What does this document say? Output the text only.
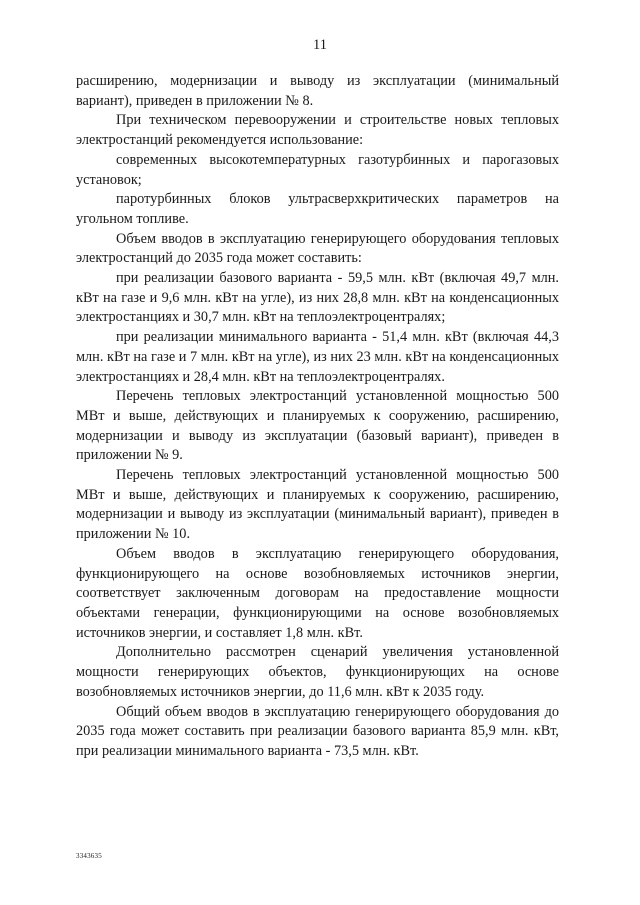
11

расширению, модернизации и выводу из эксплуатации (минимальный вариант), приведен в приложении № 8.

При техническом перевооружении и строительстве новых тепловых электростанций рекомендуется использование:

современных высокотемпературных газотурбинных и парогазовых установок;

паротурбинных блоков ультрасверхкритических параметров на угольном топливе.

Объем вводов в эксплуатацию генерирующего оборудования тепловых электростанций до 2035 года может составить:

при реализации базового варианта - 59,5 млн. кВт (включая 49,7 млн. кВт на газе и 9,6 млн. кВт на угле), из них 28,8 млн. кВт на конденсационных электростанциях и 30,7 млн. кВт на теплоэлектроцентралях;

при реализации минимального варианта - 51,4 млн. кВт (включая 44,3 млн. кВт на газе и 7 млн. кВт на угле), из них 23 млн. кВт на конденсационных электростанциях и 28,4 млн. кВт на теплоэлектроцентралях.

Перечень тепловых электростанций установленной мощностью 500 МВт и выше, действующих и планируемых к сооружению, расширению, модернизации и выводу из эксплуатации (базовый вариант), приведен в приложении № 9.

Перечень тепловых электростанций установленной мощностью 500 МВт и выше, действующих и планируемых к сооружению, расширению, модернизации и выводу из эксплуатации (минимальный вариант), приведен в приложении № 10.

Объем вводов в эксплуатацию генерирующего оборудования, функционирующего на основе возобновляемых источников энергии, соответствует заключенным договорам на предоставление мощности объектами генерации, функционирующими на основе возобновляемых источников энергии, и составляет 1,8 млн. кВт.

Дополнительно рассмотрен сценарий увеличения установленной мощности генерирующих объектов, функционирующих на основе возобновляемых источников энергии, до 11,6 млн. кВт к 2035 году.

Общий объем вводов в эксплуатацию генерирующего оборудования до 2035 года может составить при реализации базового варианта 85,9 млн. кВт, при реализации минимального варианта - 73,5 млн. кВт.

3343635
